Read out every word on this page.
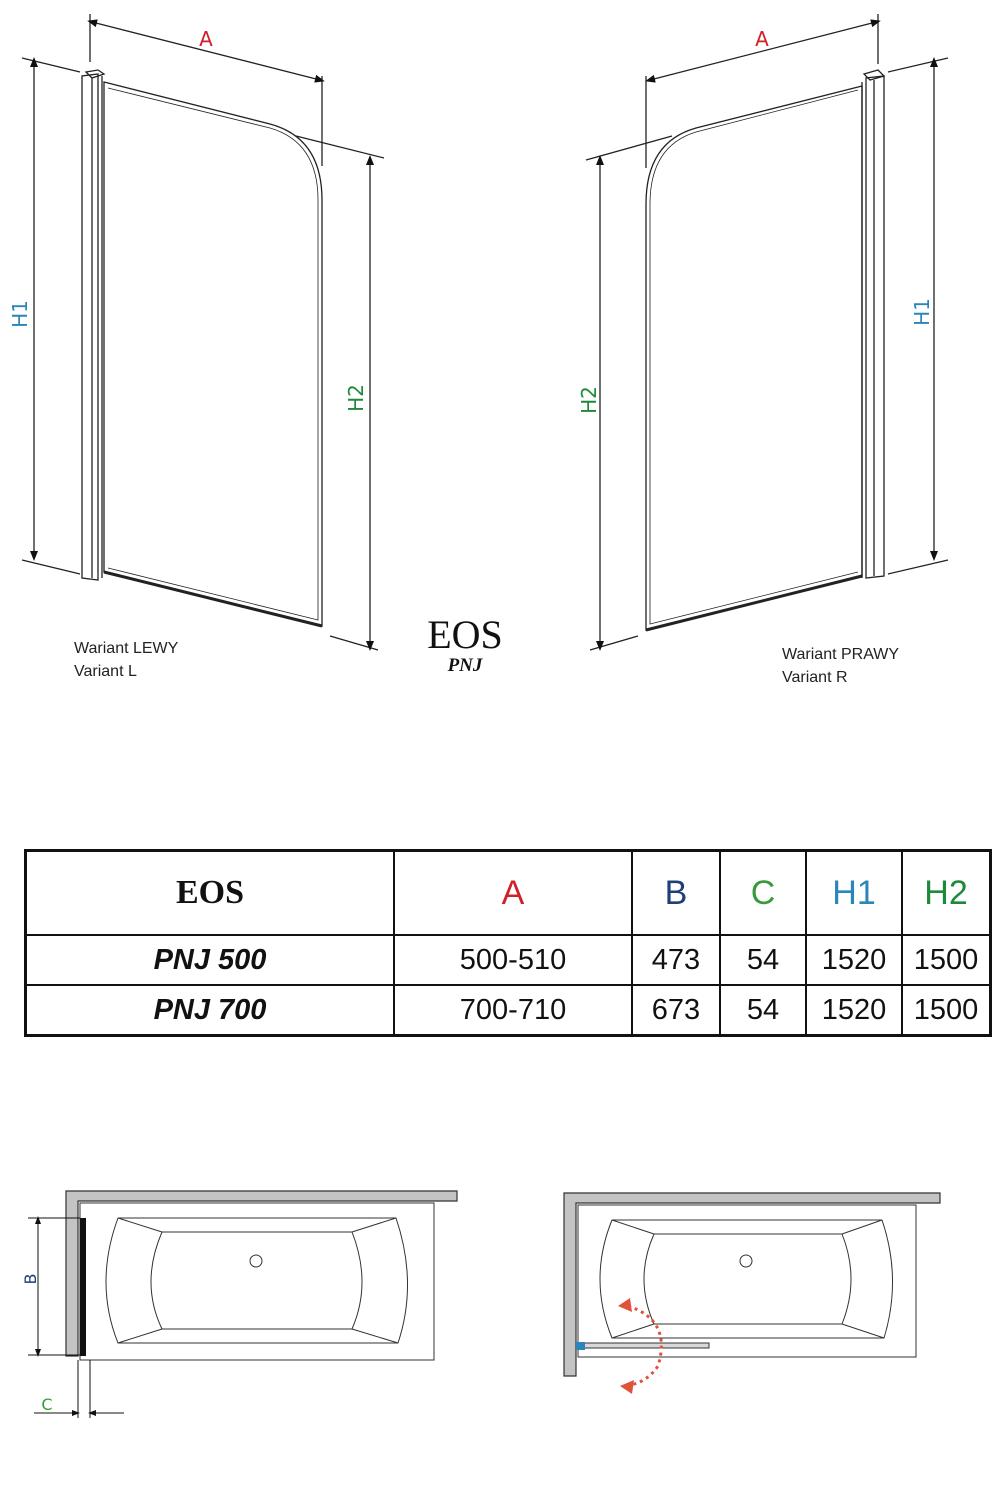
A	A
H1
H2	H2
H1
EOS
PNJ
Wariant LEWY
Variant L
Wariant PRAWY
Variant R
EOS	A	B	C	H1	H2
PNJ 500	500-510	473	54	1520	1500
PNJ 700	700-710	673	54	1520	1500
B
C
